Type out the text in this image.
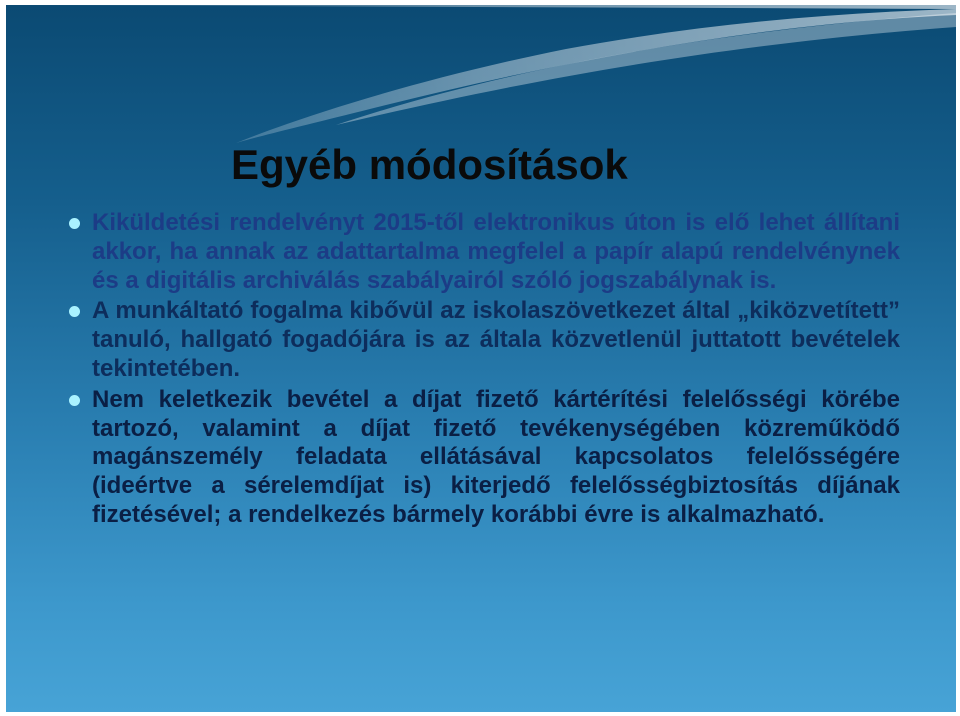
Egyéb módosítások
Kiküldetési rendelvényt 2015-től elektronikus úton is elő lehet állítani akkor, ha annak az adattartalma megfelel a papír alapú rendelvénynek és a digitális archiválás szabályairól szóló jogszabálynak is.
A munkáltató fogalma kibővül az iskolaszövetkezet által „kiközvetített” tanuló, hallgató fogadójára is az általa közvetlenül juttatott bevételek tekintetében.
Nem keletkezik bevétel a díjat fizető kártérítési felelősségi körébe tartozó, valamint a díjat fizető tevékenységében közreműködő magánszemély feladata ellátásával kapcsolatos felelősségére (ideértve a sérelemdíjat is) kiterjedő felelősségbiztosítás díjának fizetésével; a rendelkezés bármely korábbi évre is alkalmazható.
